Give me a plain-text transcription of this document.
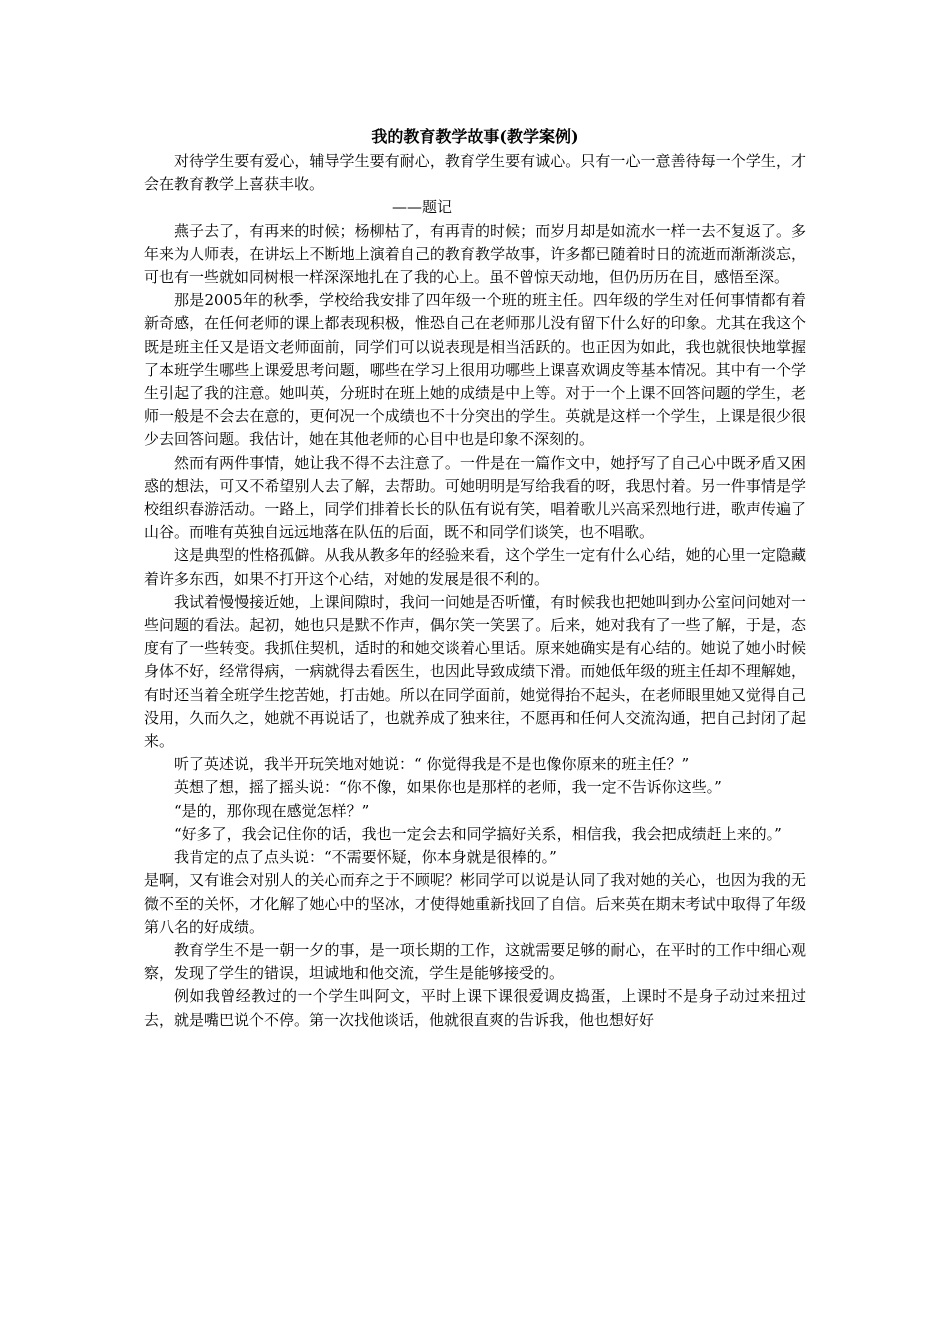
我的教育教学故事(教学案例)

对待学生要有爱心，辅导学生要有耐心，教育学生要有诚心。只有一心一意善待每一个学生，才会在教育教学上喜获丰收。

——题记

燕子去了，有再来的时候；杨柳枯了，有再青的时候；而岁月却是如流水一样一去不复返了。多年来为人师表，在讲坛上不断地上演着自己的教育教学故事，许多都已随着时日的流逝而渐渐淡忘，可也有一些就如同树根一样深深地扎在了我的心上。虽不曾惊天动地，但仍历历在目，感悟至深。

那是2005年的秋季，学校给我安排了四年级一个班的班主任。四年级的学生对任何事情都有着新奇感，在任何老师的课上都表现积极，惟恐自己在老师那儿没有留下什么好的印象。尤其在我这个既是班主任又是语文老师面前，同学们可以说表现是相当活跃的。也正因为如此，我也就很快地掌握了本班学生哪些上课爱思考问题，哪些在学习上很用功哪些上课喜欢调皮等基本情况。其中有一个学生引起了我的注意。她叫英，分班时在班上她的成绩是中上等。对于一个上课不回答问题的学生，老师一般是不会去在意的，更何况一个成绩也不十分突出的学生。英就是这样一个学生，上课是很少很少去回答问题。我估计，她在其他老师的心目中也是印象不深刻的。

然而有两件事情，她让我不得不去注意了。一件是在一篇作文中，她抒写了自己心中既矛盾又困惑的想法，可又不希望别人去了解，去帮助。可她明明是写给我看的呀，我思忖着。另一件事情是学校组织春游活动。一路上，同学们排着长长的队伍有说有笑，唱着歌儿兴高采烈地行进，歌声传遍了山谷。而唯有英独自远远地落在队伍的后面，既不和同学们谈笑，也不唱歌。

这是典型的性格孤僻。从我从教多年的经验来看，这个学生一定有什么心结，她的心里一定隐藏着许多东西，如果不打开这个心结，对她的发展是很不利的。

我试着慢慢接近她，上课间隙时，我问一问她是否听懂，有时候我也把她叫到办公室问问她对一些问题的看法。起初，她也只是默不作声，偶尔笑一笑罢了。后来，她对我有了一些了解，于是，态度有了一些转变。我抓住契机，适时的和她交谈着心里话。原来她确实是有心结的。她说了她小时候身体不好，经常得病，一病就得去看医生，也因此导致成绩下滑。而她低年级的班主任却不理解她，有时还当着全班学生挖苦她，打击她。所以在同学面前，她觉得抬不起头，在老师眼里她又觉得自己没用，久而久之，她就不再说话了，也就养成了独来往，不愿再和任何人交流沟通，把自己封闭了起来。

听了英述说，我半开玩笑地对她说：“ 你觉得我是不是也像你原来的班主任？”

英想了想，摇了摇头说：“你不像，如果你也是那样的老师，我一定不告诉你这些。”

“是的，那你现在感觉怎样？”

“好多了，我会记住你的话，我也一定会去和同学搞好关系，相信我，我会把成绩赶上来的。”

我肯定的点了点头说：“不需要怀疑，你本身就是很棒的。”

是啊，又有谁会对别人的关心而弃之于不顾呢？彬同学可以说是认同了我对她的关心，也因为我的无微不至的关怀，才化解了她心中的坚冰，才使得她重新找回了自信。后来英在期末考试中取得了年级第八名的好成绩。

教育学生不是一朝一夕的事，是一项长期的工作，这就需要足够的耐心，在平时的工作中细心观察，发现了学生的错误，坦诚地和他交流，学生是能够接受的。

例如我曾经教过的一个学生叫阿文，平时上课下课很爱调皮捣蛋，上课时不是身子动过来扭过去，就是嘴巴说个不停。第一次找他谈话，他就很直爽的告诉我，他也想好好
